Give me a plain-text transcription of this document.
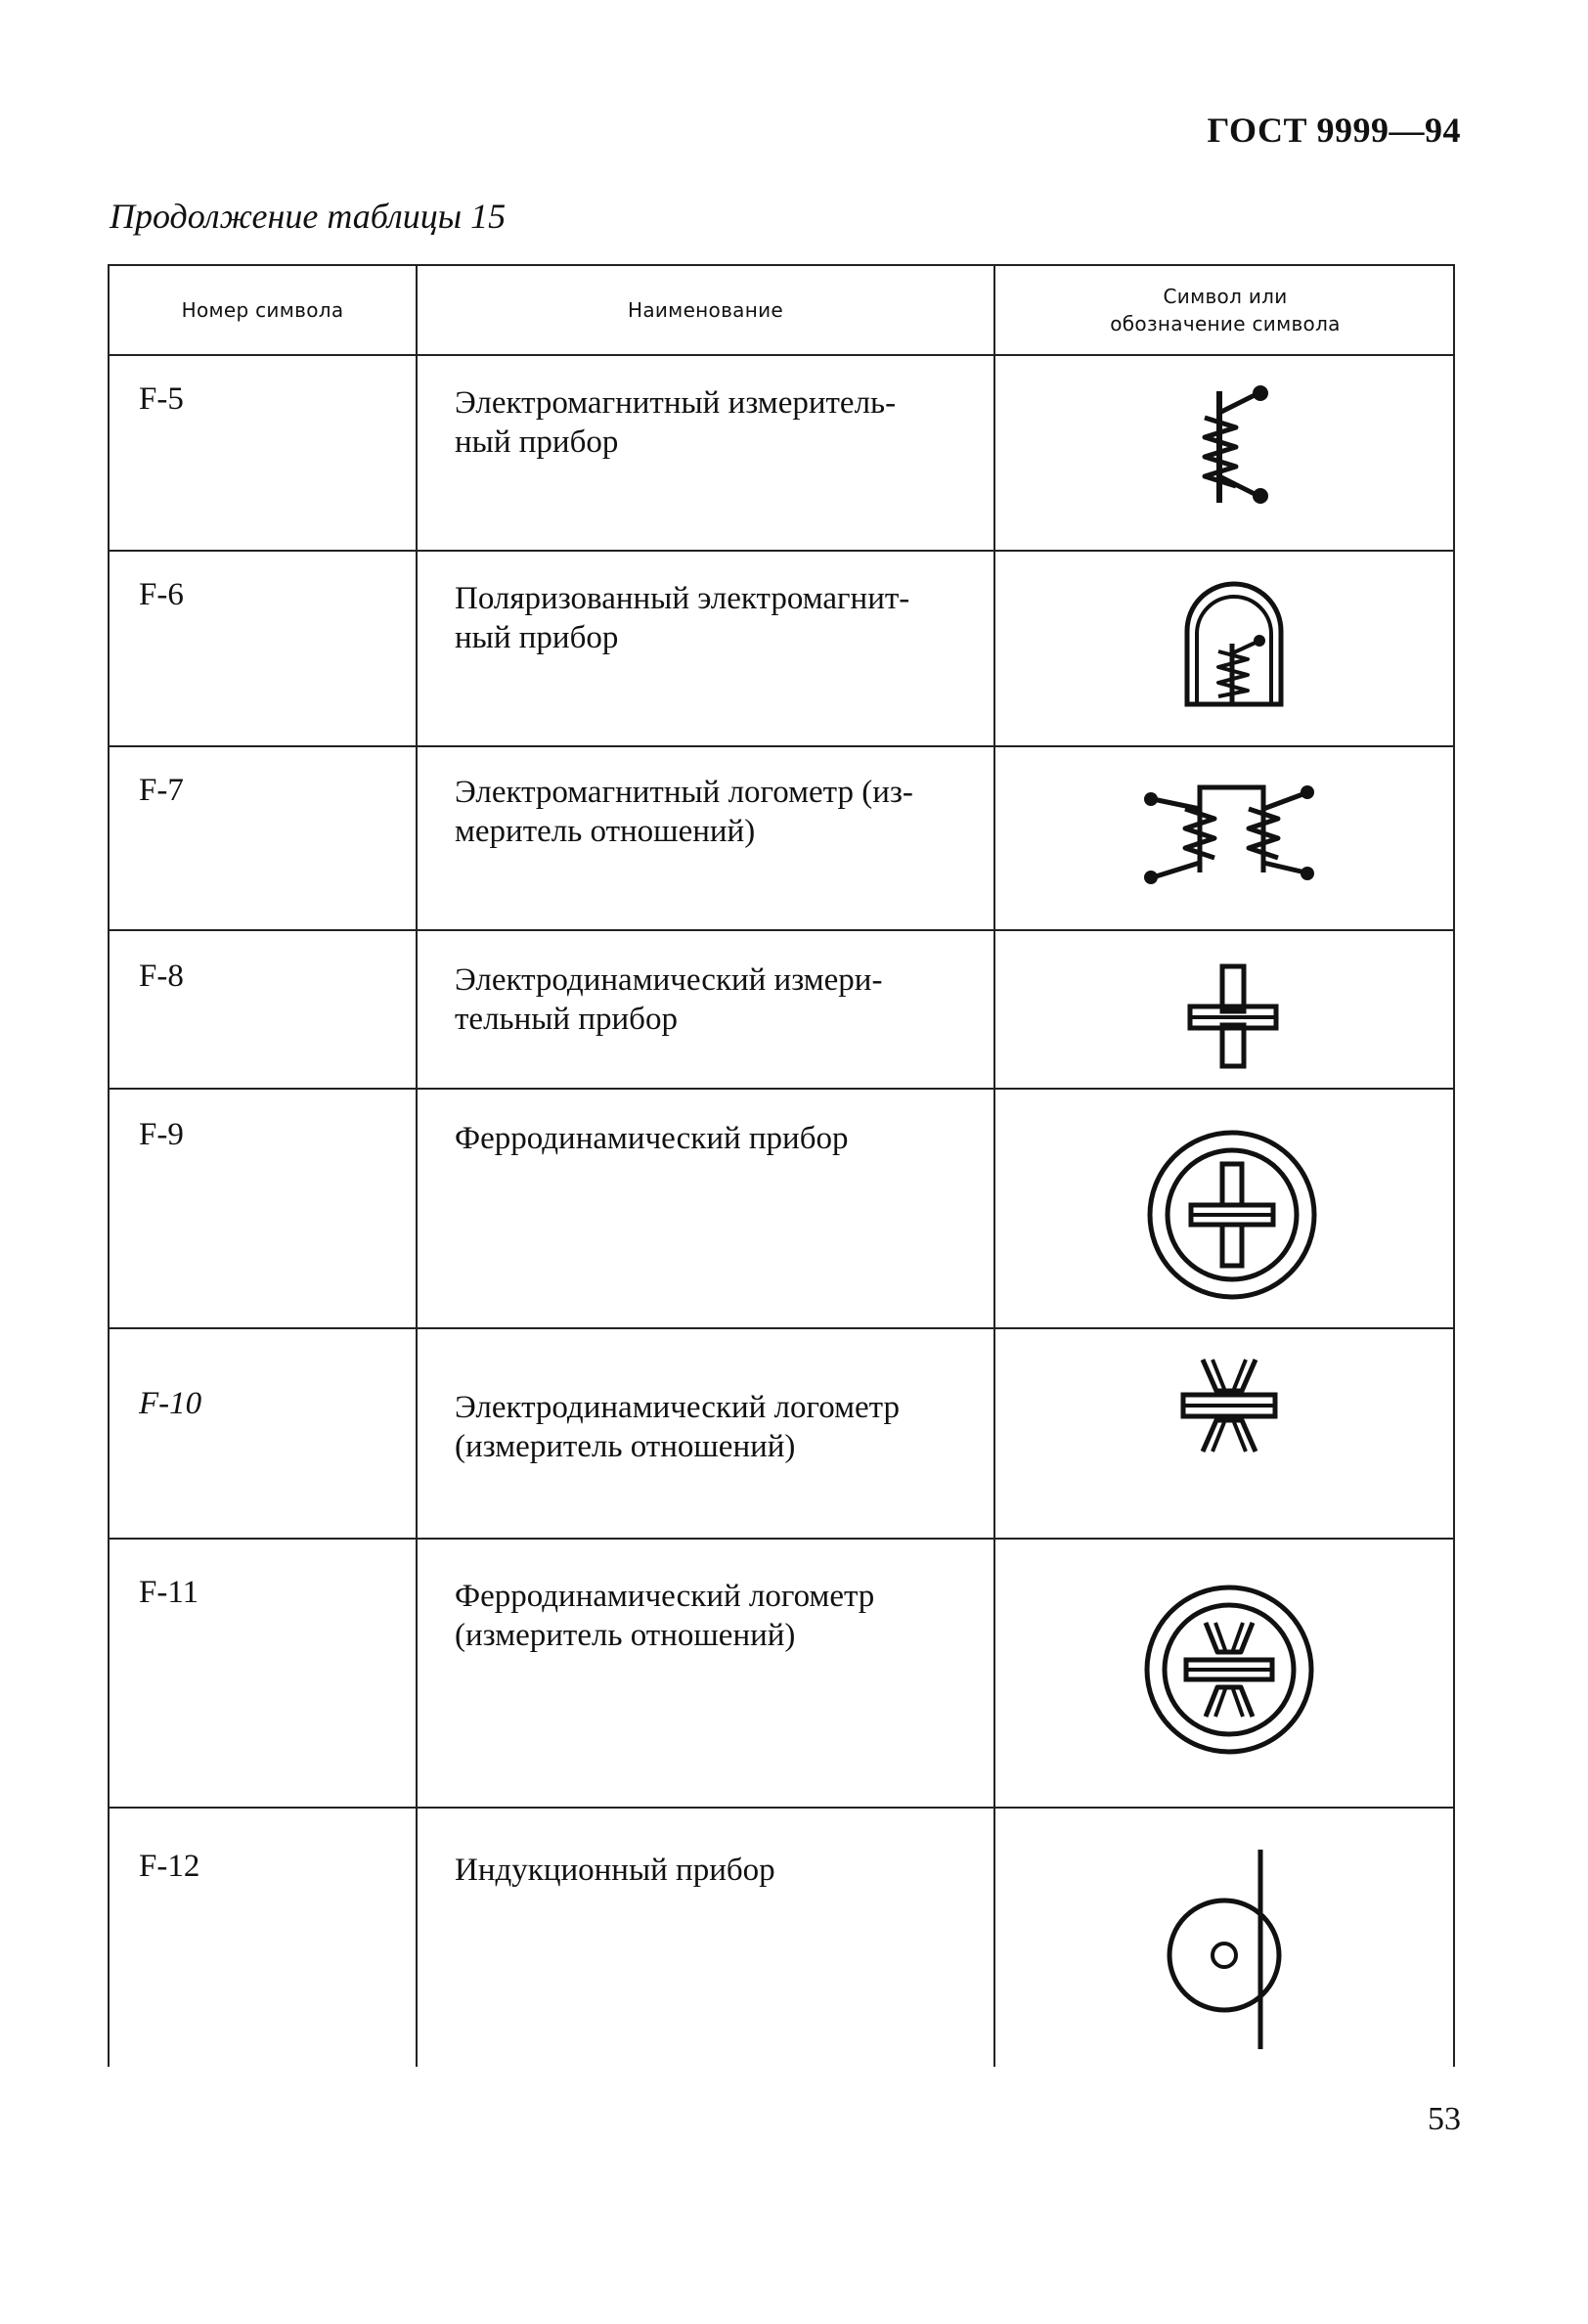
ГОСТ 9999—94
Продолжение таблицы 15
Номер символа	Наименование
Символ или
обозначение символа
F-5	Электромагнитный измеритель-
ный прибор
F-6	Поляризованный электромагнит-
ный прибор
F-7	Электромагнитный логометр (из-
меритель отношений)
F-8	Электродинамический измери-
тельный прибор
F-9	Ферродинамический прибор
F-10	Электродинамический логометр
(измеритель отношений)
F-11	Ферродинамический логометр
(измеритель отношений)
F-12	Индукционный прибор
53
